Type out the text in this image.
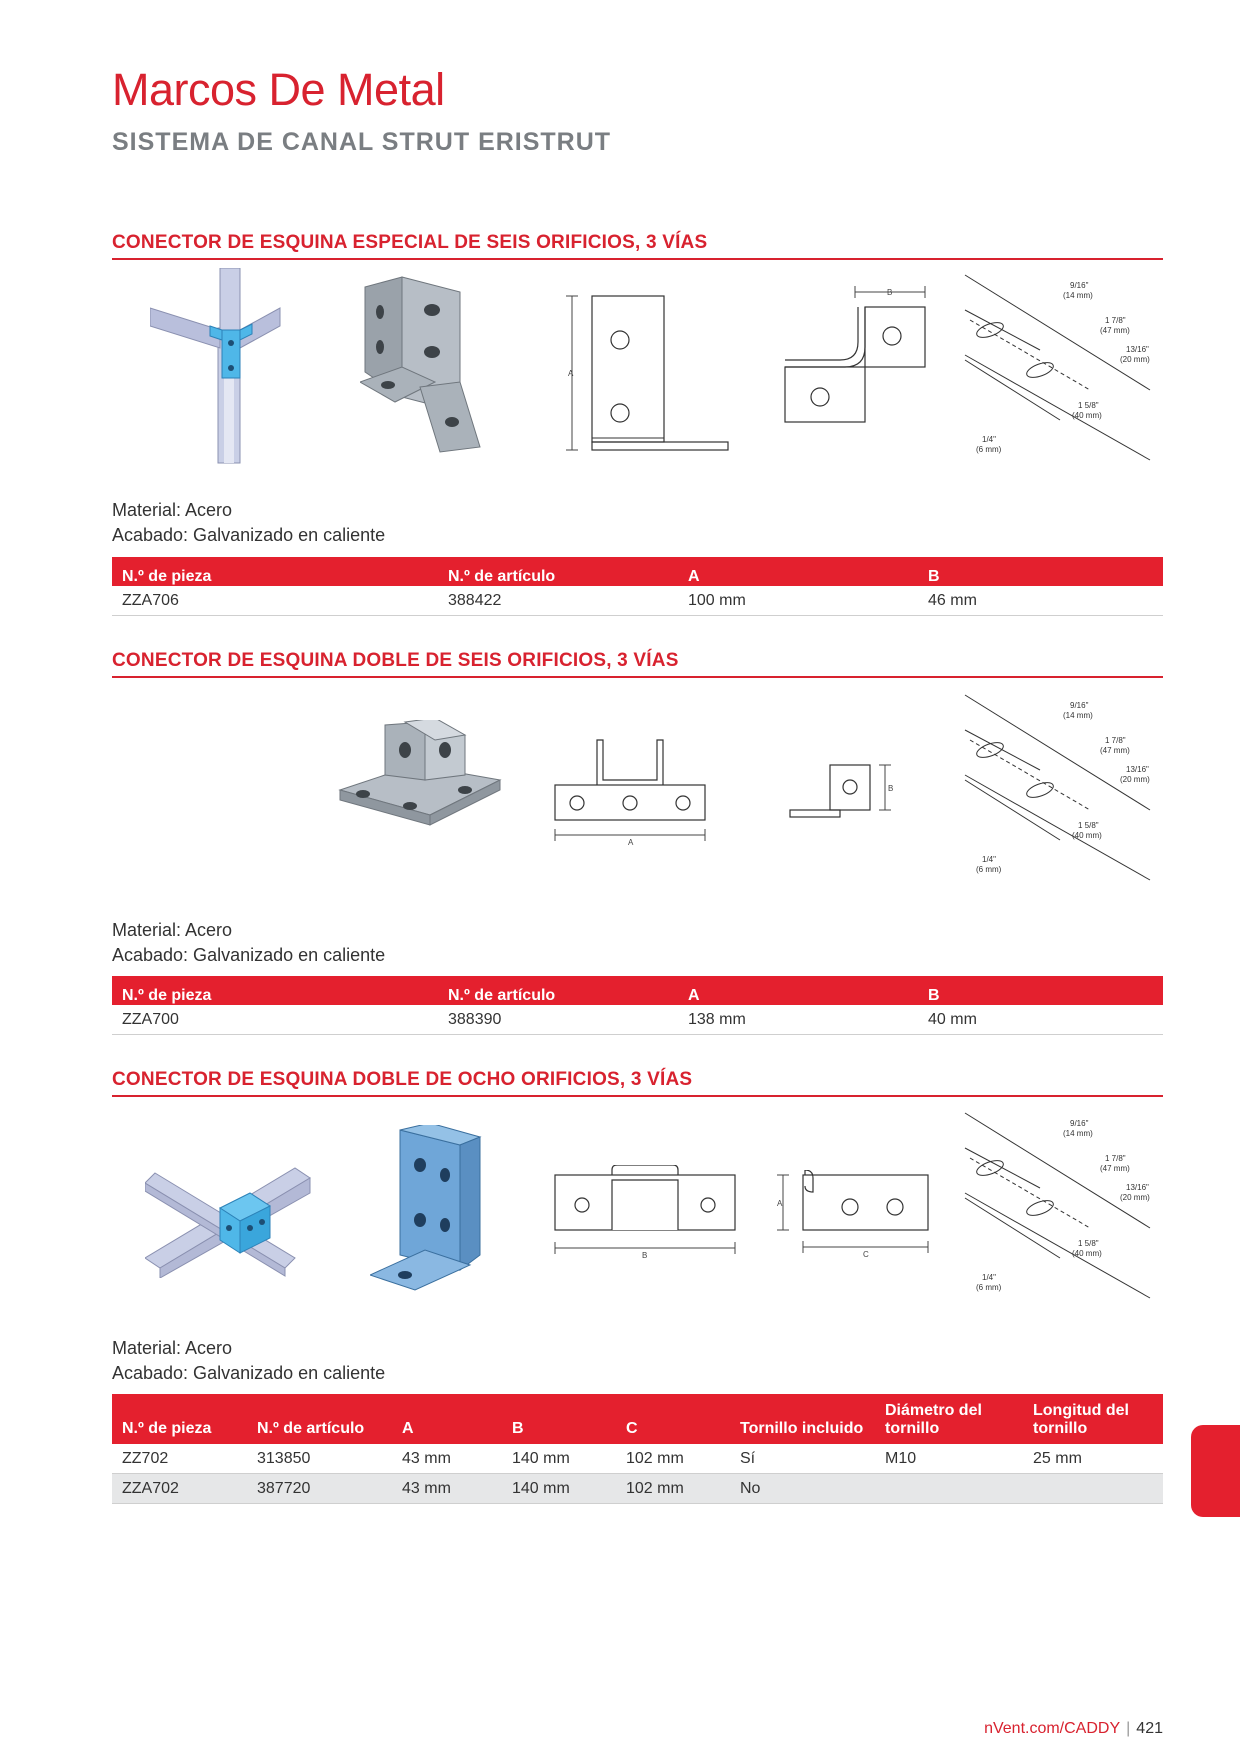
Marcos De Metal
SISTEMA DE CANAL STRUT ERISTRUT
CONECTOR DE ESQUINA ESPECIAL DE SEIS ORIFICIOS, 3 VÍAS
A
B
9/16"
(14 mm)
1 7/8"
(47 mm)
13/16"
(20 mm)
1 5/8"
(40 mm)
1/4"
(6 mm)
Material: Acero
Acabado: Galvanizado en caliente
N.º de pieza	N.º de artículo	A	B
ZZA706	388422	100 mm	46 mm
CONECTOR DE ESQUINA DOBLE DE SEIS ORIFICIOS, 3 VÍAS
A
B
9/16"
(14 mm)
1 7/8"
(47 mm)
13/16"
(20 mm)
1 5/8"
(40 mm)
1/4"
(6 mm)
Material: Acero
Acabado: Galvanizado en caliente
N.º de pieza	N.º de artículo	A	B
ZZA700	388390	138 mm	40 mm
CONECTOR DE ESQUINA DOBLE DE OCHO ORIFICIOS, 3 VÍAS
B
A
C
9/16"
(14 mm)
1 7/8"
(47 mm)
13/16"
(20 mm)
1 5/8"
(40 mm)
1/4"
(6 mm)
Material: Acero
Acabado: Galvanizado en caliente
N.º de pieza	N.º de artículo	A	B	C	Tornillo incluido	Diámetro del tornillo	Longitud del tornillo
ZZ702	313850	43 mm	140 mm	102 mm	Sí	M10	25 mm
ZZA702	387720	43 mm	140 mm	102 mm	No		
nVent.com/CADDY | 421
